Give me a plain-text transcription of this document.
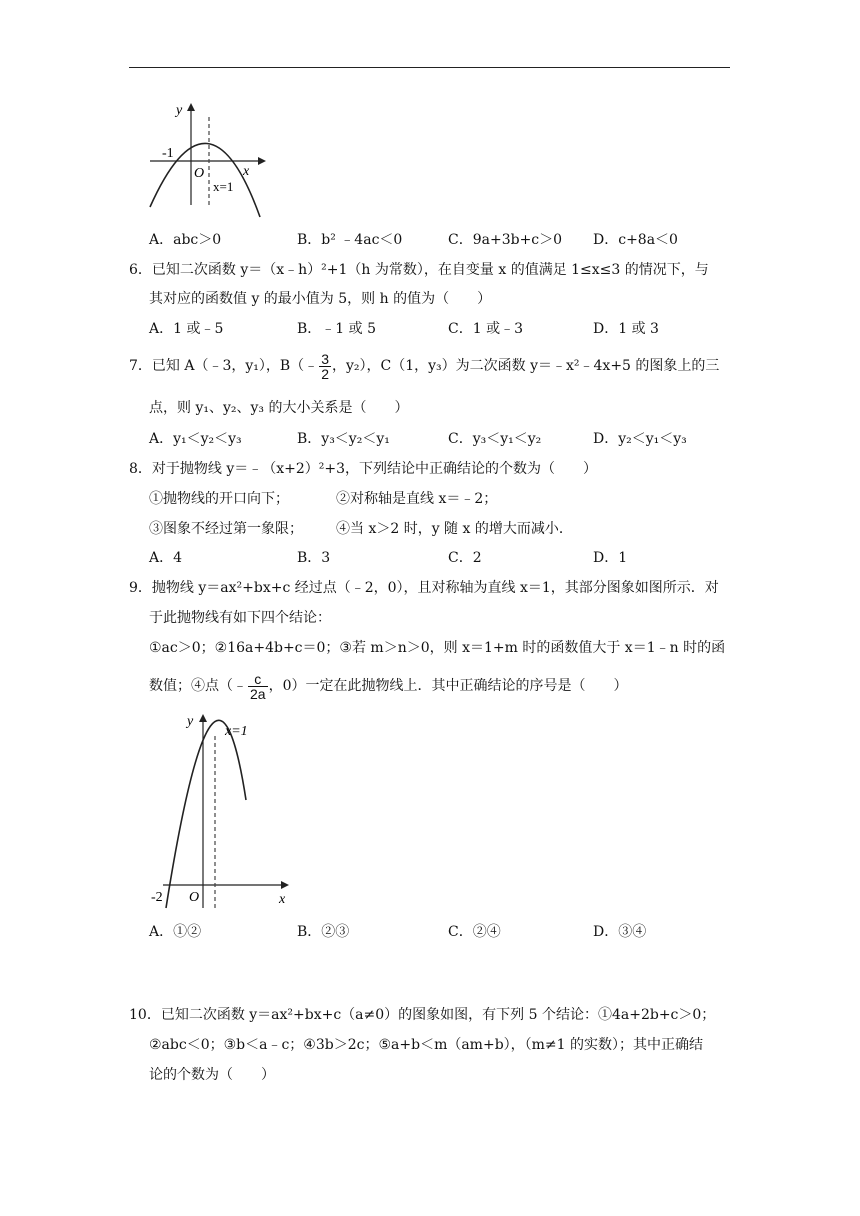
y
x
O
-1
x=1
A．abc＞0	B．b² ﹣4ac＜0	C．9a+3b+c＞0 D．c+8a＜0
6．已知二次函数 y＝（x﹣h）²+1（h 为常数），在自变量 x 的值满足 1≤x≤3 的情况下，与
其对应的函数值 y 的最小值为 5，则 h 的值为（　　）
A．1 或﹣5	B．﹣1 或 5	C．1 或﹣3	D．1 或 3
7．已知 A（﹣3，y₁），B（﹣ $\frac{3}{2}$ ，y₂），C（1，y₃）为二次函数 y＝﹣x²﹣4x+5 的图象上的三
点，则 y₁、y₂、y₃ 的大小关系是（　　）
A．y₁＜y₂＜y₃	B．y₃＜y₂＜y₁	C．y₃＜y₁＜y₂	D．y₂＜y₁＜y₃
8．对于抛物线 y＝﹣（x+2）²+3，下列结论中正确结论的个数为（　　）
①抛物线的开口向下；	②对称轴是直线 x＝﹣2；
③图象不经过第一象限； ④当 x＞2 时，y 随 x 的增大而减小．
A．4	B．3	C．2	D．1
9．抛物线 y＝ax²+bx+c 经过点（﹣2，0），且对称轴为直线 x＝1，其部分图象如图所示．对
于此抛物线有如下四个结论：
①ac＞0；②16a+4b+c＝0；③若 m＞n＞0，则 x＝1+m 时的函数值大于 x＝1﹣n 时的函
数值；④点（﹣ $\frac{c}{2a}$ ，0）一定在此抛物线上．其中正确结论的序号是（　　）
y
x
O
-2
x=1
A．①②	B．②③	C．②④	D．③④
10．已知二次函数 y＝ax²+bx+c（a≠0）的图象如图，有下列 5 个结论：①4a+2b+c＞0；
②abc＜0；③b＜a﹣c；④3b＞2c；⑤a+b＜m（am+b），（m≠1 的实数）；其中正确结
论的个数为（　　）
